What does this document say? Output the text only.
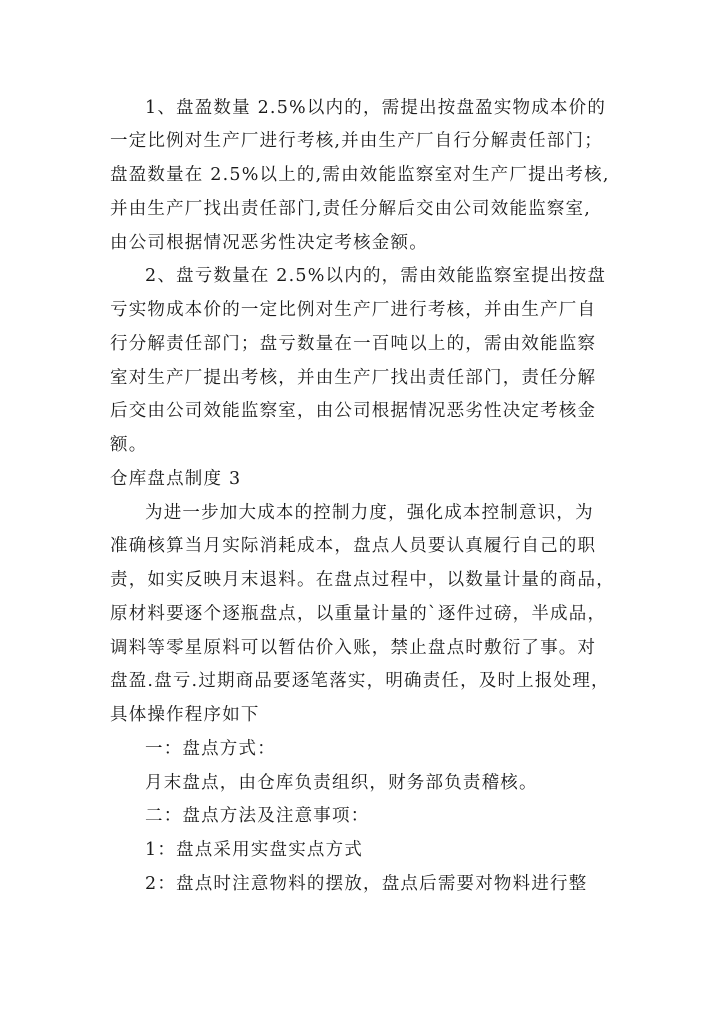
1、盘盈数量 2.5%以内的，需提出按盘盈实物成本价的
一定比例对生产厂进行考核,并由生产厂自行分解责任部门；
盘盈数量在 2.5%以上的,需由效能监察室对生产厂提出考核,
并由生产厂找出责任部门,责任分解后交由公司效能监察室,
由公司根据情况恶劣性决定考核金额。
2、盘亏数量在 2.5%以内的，需由效能监察室提出按盘
亏实物成本价的一定比例对生产厂进行考核，并由生产厂自
行分解责任部门；盘亏数量在一百吨以上的，需由效能监察
室对生产厂提出考核，并由生产厂找出责任部门，责任分解
后交由公司效能监察室，由公司根据情况恶劣性决定考核金
额。
仓库盘点制度 3
为进一步加大成本的控制力度，强化成本控制意识，为
准确核算当月实际消耗成本，盘点人员要认真履行自己的职
责，如实反映月末退料。在盘点过程中，以数量计量的商品，
原材料要逐个逐瓶盘点，以重量计量的`逐件过磅，半成品，
调料等零星原料可以暂估价入账，禁止盘点时敷衍了事。对
盘盈.盘亏.过期商品要逐笔落实，明确责任，及时上报处理，
具体操作程序如下
一：盘点方式：
月末盘点，由仓库负责组织，财务部负责稽核。
二：盘点方法及注意事项：
1：盘点采用实盘实点方式
2：盘点时注意物料的摆放，盘点后需要对物料进行整
